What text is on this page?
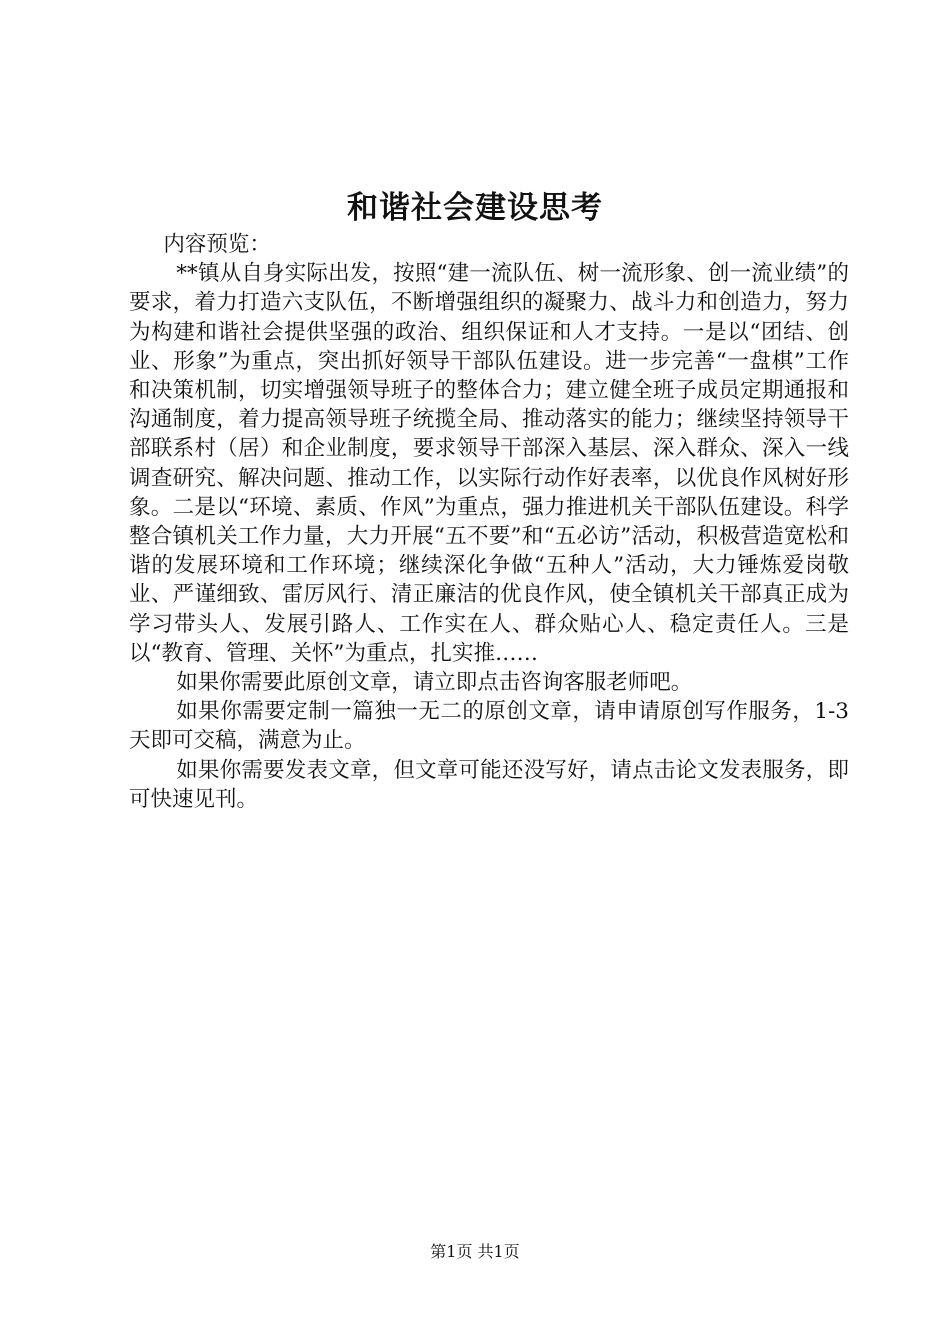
和谐社会建设思考

内容预览：

**镇从自身实际出发，按照“建一流队伍、树一流形象、创一流业绩”的要求，着力打造六支队伍，不断增强组织的凝聚力、战斗力和创造力，努力为构建和谐社会提供坚强的政治、组织保证和人才支持。一是以“团结、创业、形象”为重点，突出抓好领导干部队伍建设。进一步完善“一盘棋”工作和决策机制，切实增强领导班子的整体合力；建立健全班子成员定期通报和沟通制度，着力提高领导班子统揽全局、推动落实的能力；继续坚持领导干部联系村（居）和企业制度，要求领导干部深入基层、深入群众、深入一线调查研究、解决问题、推动工作，以实际行动作好表率，以优良作风树好形象。二是以“环境、素质、作风”为重点，强力推进机关干部队伍建设。科学整合镇机关工作力量，大力开展“五不要”和“五必访”活动，积极营造宽松和谐的发展环境和工作环境；继续深化争做“五种人”活动，大力锤炼爱岗敬业、严谨细致、雷厉风行、清正廉洁的优良作风，使全镇机关干部真正成为学习带头人、发展引路人、工作实在人、群众贴心人、稳定责任人。三是以“教育、管理、关怀”为重点，扎实推……

如果你需要此原创文章，请立即点击咨询客服老师吧。

如果你需要定制一篇独一无二的原创文章，请申请原创写作服务，1-3天即可交稿，满意为止。

如果你需要发表文章，但文章可能还没写好，请点击论文发表服务，即可快速见刊。

第1页 共1页
